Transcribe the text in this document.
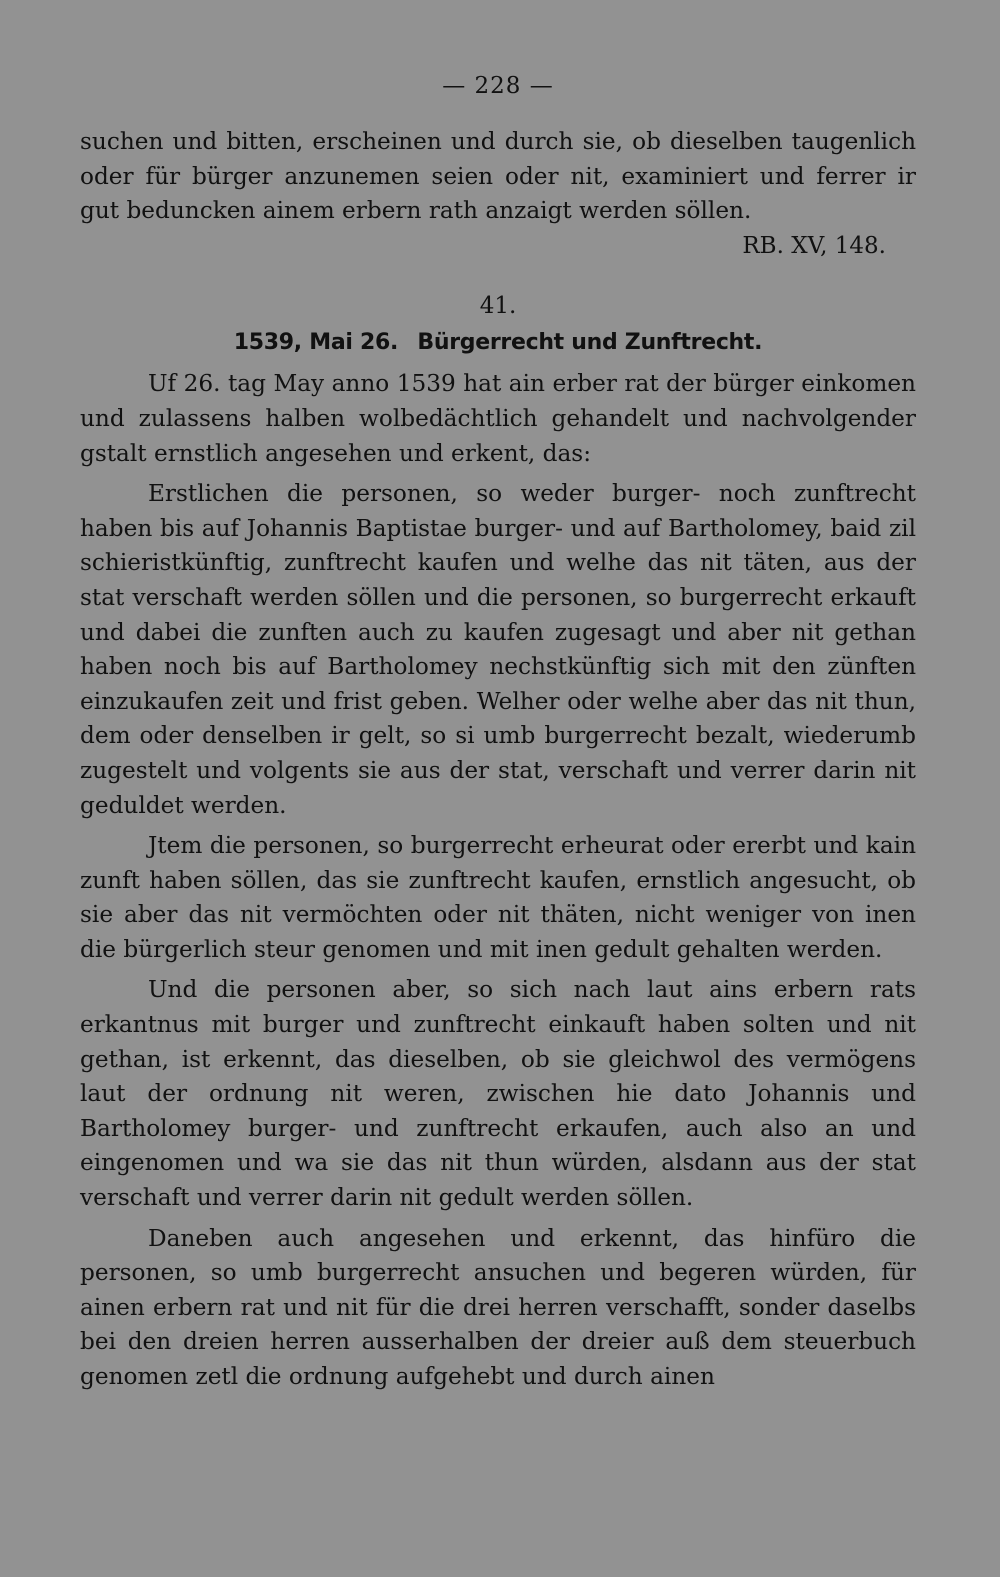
— 228 —

suchen und bitten, erscheinen und durch sie, ob dieselben taugenlich oder für bürger anzunemen seien oder nit, examiniert und ferrer ir gut beduncken ainem erbern rath anzaigt werden söllen.

RB. XV, 148.
41.
1539, Mai 26. Bürgerrecht und Zunftrecht.

Uf 26. tag May anno 1539 hat ain erber rat der bürger einkomen und zulassens halben wolbedächtlich gehandelt und nachvolgender gstalt ernstlich angesehen und erkent, das:

Erstlichen die personen, so weder burger- noch zunftrecht haben bis auf Johannis Baptistae burger- und auf Bartholomey, baid zil schieristkünftig, zunftrecht kaufen und welhe das nit täten, aus der stat verschaft werden söllen und die personen, so burgerrecht erkauft und dabei die zunften auch zu kaufen zugesagt und aber nit gethan haben noch bis auf Bartholomey nechstkünftig sich mit den zünften einzukaufen zeit und frist geben. Welher oder welhe aber das nit thun, dem oder denselben ir gelt, so si umb burgerrecht bezalt, wiederumb zugestelt und volgents sie aus der stat, verschaft und verrer darin nit geduldet werden.

Jtem die personen, so burgerrecht erheurat oder ererbt und kain zunft haben söllen, das sie zunftrecht kaufen, ernstlich angesucht, ob sie aber das nit vermöchten oder nit thäten, nicht weniger von inen die bürgerlich steur genomen und mit inen gedult gehalten werden.

Und die personen aber, so sich nach laut ains erbern rats erkantnus mit burger und zunftrecht einkauft haben solten und nit gethan, ist erkennt, das dieselben, ob sie gleichwol des vermögens laut der ordnung nit weren, zwischen hie dato Johannis und Bartholomey burger- und zunftrecht erkaufen, auch also an und eingenomen und wa sie das nit thun würden, alsdann aus der stat verschaft und verrer darin nit gedult werden söllen.

Daneben auch angesehen und erkennt, das hinfüro die personen, so umb burgerrecht ansuchen und begeren würden, für ainen erbern rat und nit für die drei herren verschafft, sonder daselbs bei den dreien herren ausserhalben der dreier auß dem steuerbuch genomen zetl die ordnung aufgehebt und durch ainen
